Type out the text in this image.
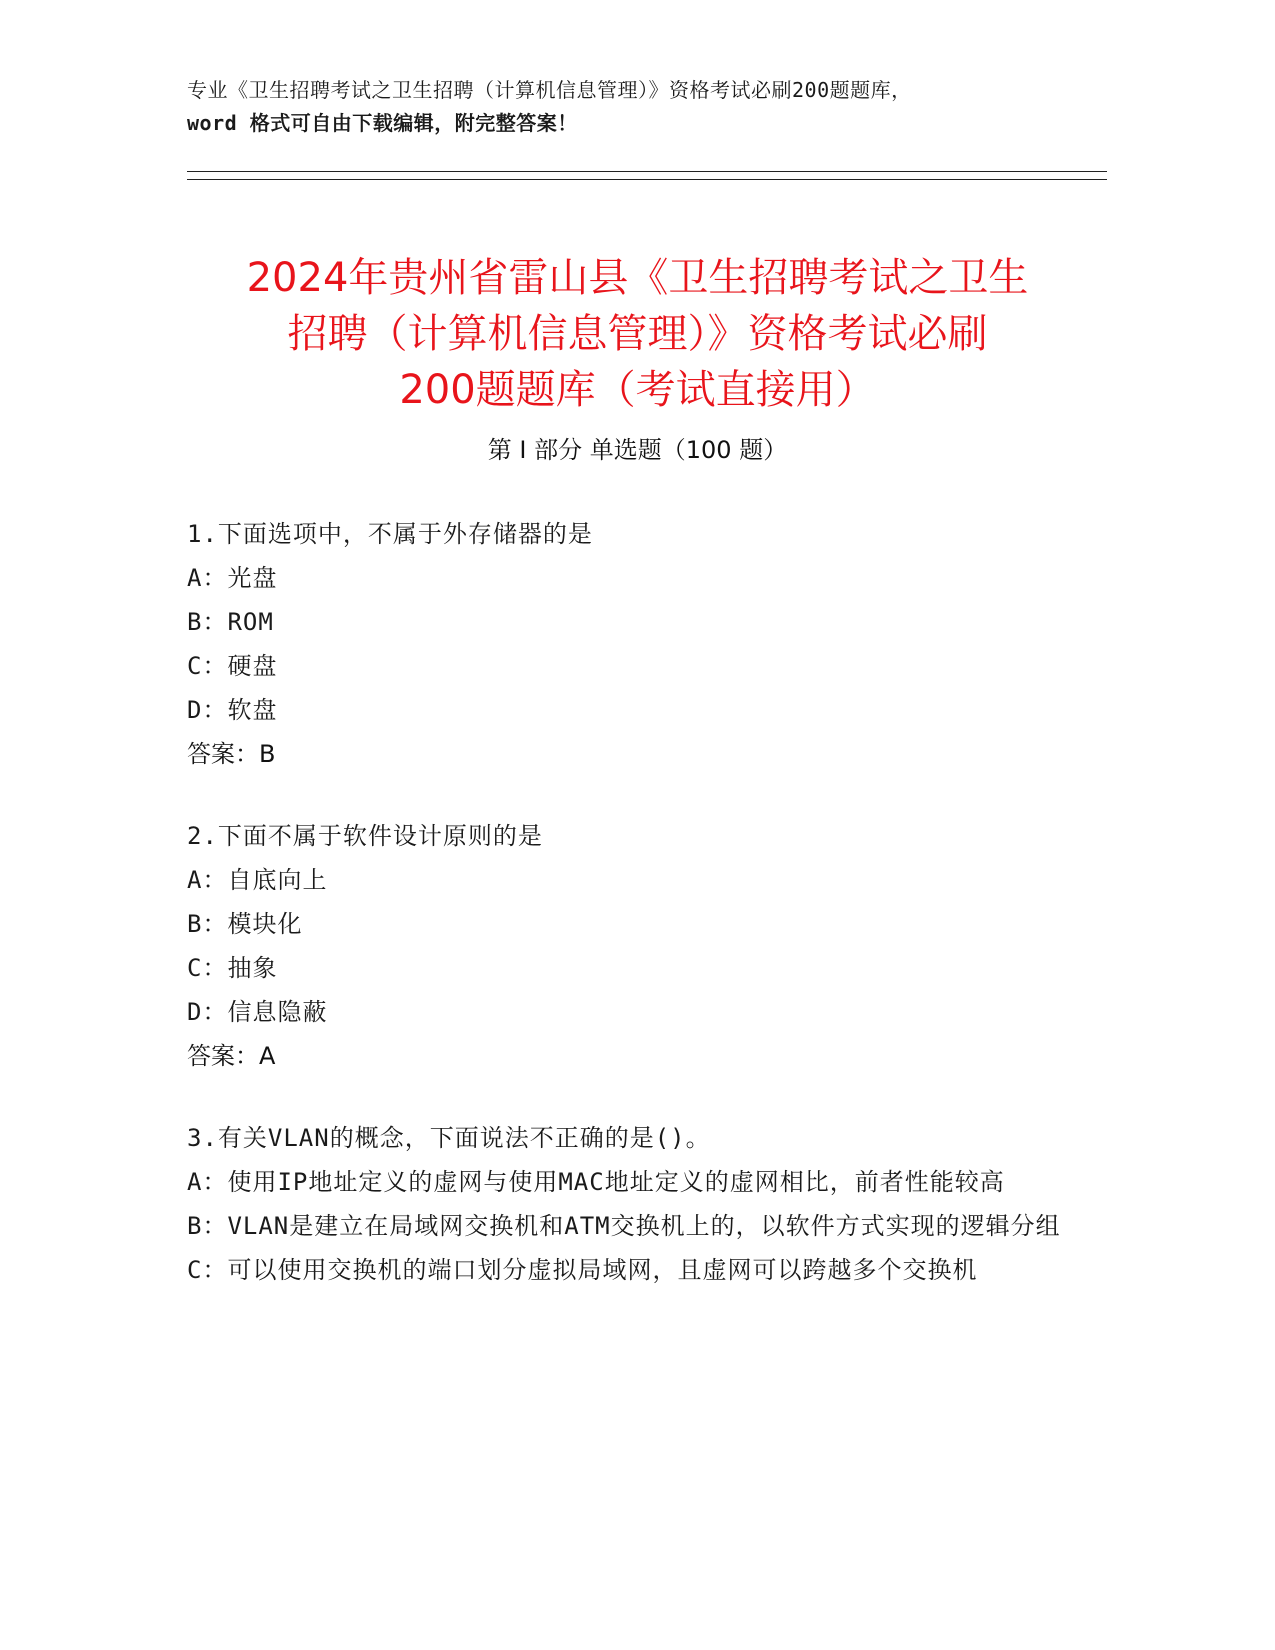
专业《卫生招聘考试之卫生招聘（计算机信息管理）》资格考试必刷200题题库，
word 格式可自由下载编辑，附完整答案！
2024年贵州省雷山县《卫生招聘考试之卫生
招聘（计算机信息管理）》资格考试必刷
200题题库（考试直接用）
第 I 部分 单选题（100 题）
1.下面选项中，不属于外存储器的是
A：光盘
B：ROM
C：硬盘
D：软盘
答案：B
2.下面不属于软件设计原则的是
A：自底向上
B：模块化
C：抽象
D：信息隐蔽
答案：A
3.有关VLAN的概念，下面说法不正确的是()。
A：使用IP地址定义的虚网与使用MAC地址定义的虚网相比，前者性能较高
B：VLAN是建立在局域网交换机和ATM交换机上的，以软件方式实现的逻辑分组
C：可以使用交换机的端口划分虚拟局域网，且虚网可以跨越多个交换机
